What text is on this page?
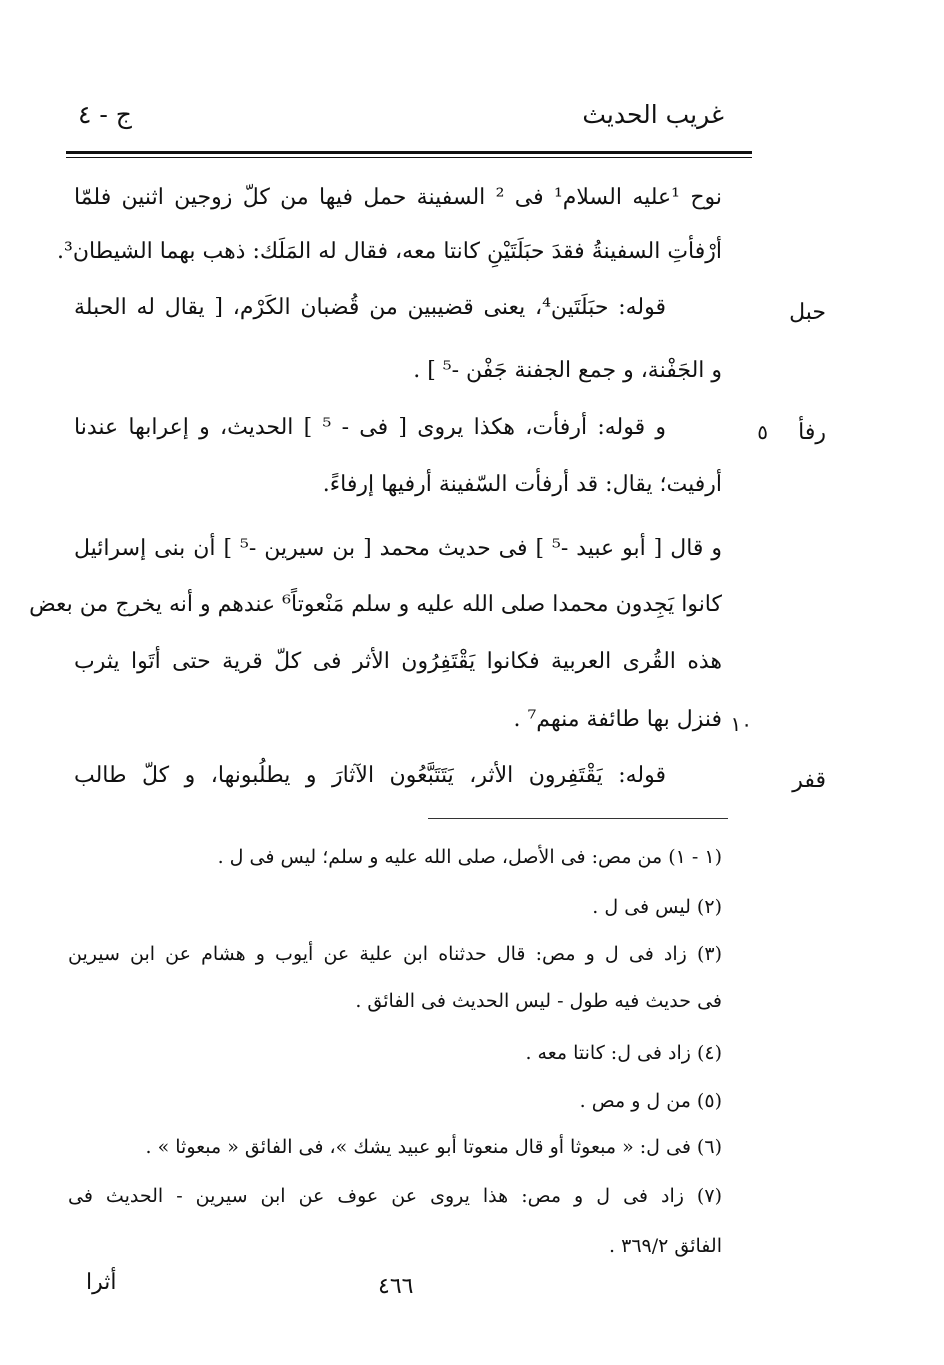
غريب الحديث
ج - ٤
نوح ¹عليه السلام¹ فى ² السفينة حمل فيها من كلّ زوجين اثنين فلمّا
أرْفأتِ السفينةُ فقدَ حبَلَتَيْنِ كانتا معه، فقال له المَلَك: ذهب بهما الشيطان³.
حبل
قوله: حبَلَتَين⁴، يعنى قضيبين من قُضبان الكَرْم، [ يقال له الحبلة
و الجَفْنة، و جمع الجفنة جَفْن -⁵ ] .
رفأ
٥
و قوله: أرفأت، هكذا يروى [ فى - ⁵ ] الحديث، و إعرابها عندنا
أرفيت؛ يقال: قد أرفأت السّفينة أرفيها إرفاءً.
و قال [ أبو عبيد -⁵ ] فى حديث محمد [ بن سيرين -⁵ ] أن بنى إسرائيل
كانوا يَجِدون محمدا صلى الله عليه و سلم مَنْعوتاً⁶ عندهم و أنه يخرج من بعض
هذه القُرى العربية فكانوا يَقْتَفِرُون الأثر فى كلّ قرية حتى أتَوا يثرب
١٠
فنزل بها طائفة منهم⁷ .
قفر
قوله: يَقْتَفِرون الأثر، يَتَتَبَّعُون الآثارَ و يطلُبونها، و كلّ طالب
(١ - ١) من مص: فى الأصل، صلى الله عليه و سلم؛ ليس فى ل .
(٢) ليس فى ل .
(٣) زاد فى ل و مص: قال حدثناه ابن علية عن أيوب و هشام عن ابن سيرين
فى حديث فيه طول - ليس الحديث فى الفائق .
(٤) زاد فى ل: كانتا معه .
(٥) من ل و مص .
(٦) فى ل: « مبعوثا أو قال منعوتا أبو عبيد يشك »، فى الفائق « مبعوثا » .
(٧) زاد فى ل و مص: هذا يروى عن عوف عن ابن سيرين - الحديث فى
الفائق ٣٦٩/٢ .
٤٦٦
أثرا
